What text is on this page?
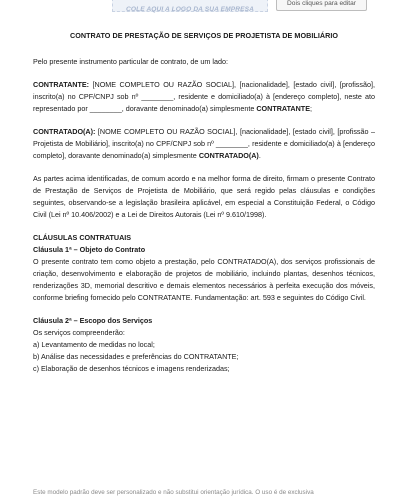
COLE AQUI A LOGO DA SUA EMPRESA
Dois cliques para editar
CONTRATO DE PRESTAÇÃO DE SERVIÇOS DE PROJETISTA DE MOBILIÁRIO

Pelo presente instrumento particular de contrato, de um lado:

CONTRATANTE: [NOME COMPLETO OU RAZÃO SOCIAL], [nacionalidade], [estado civil], [profissão], inscrito(a) no CPF/CNPJ sob nº ________, residente e domiciliado(a) à [endereço completo], neste ato representado por ________, doravante denominado(a) simplesmente CONTRATANTE;

CONTRATADO(A): [NOME COMPLETO OU RAZÃO SOCIAL], [nacionalidade], [estado civil], [profissão – Projetista de Mobiliário], inscrito(a) no CPF/CNPJ sob nº ________, residente e domiciliado(a) à [endereço completo], doravante denominado(a) simplesmente CONTRATADO(A).

As partes acima identificadas, de comum acordo e na melhor forma de direito, firmam o presente Contrato de Prestação de Serviços de Projetista de Mobiliário, que será regido pelas cláusulas e condições seguintes, observando-se a legislação brasileira aplicável, em especial a Constituição Federal, o Código Civil (Lei nº 10.406/2002) e a Lei de Direitos Autorais (Lei nº 9.610/1998).

CLÁUSULAS CONTRATUAIS
Cláusula 1ª – Objeto do Contrato

O presente contrato tem como objeto a prestação, pelo CONTRATADO(A), dos serviços profissionais de criação, desenvolvimento e elaboração de projetos de mobiliário, incluindo plantas, desenhos técnicos, renderizações 3D, memorial descritivo e demais elementos necessários à perfeita execução dos móveis, conforme briefing fornecido pelo CONTRATANTE. Fundamentação: art. 593 e seguintes do Código Civil.

Cláusula 2ª – Escopo dos Serviços
Os serviços compreenderão:
a) Levantamento de medidas no local;
b) Análise das necessidades e preferências do CONTRATANTE;
c) Elaboração de desenhos técnicos e imagens renderizadas;
Este modelo padrão deve ser personalizado e não substitui orientação jurídica. O uso é de exclusiva
